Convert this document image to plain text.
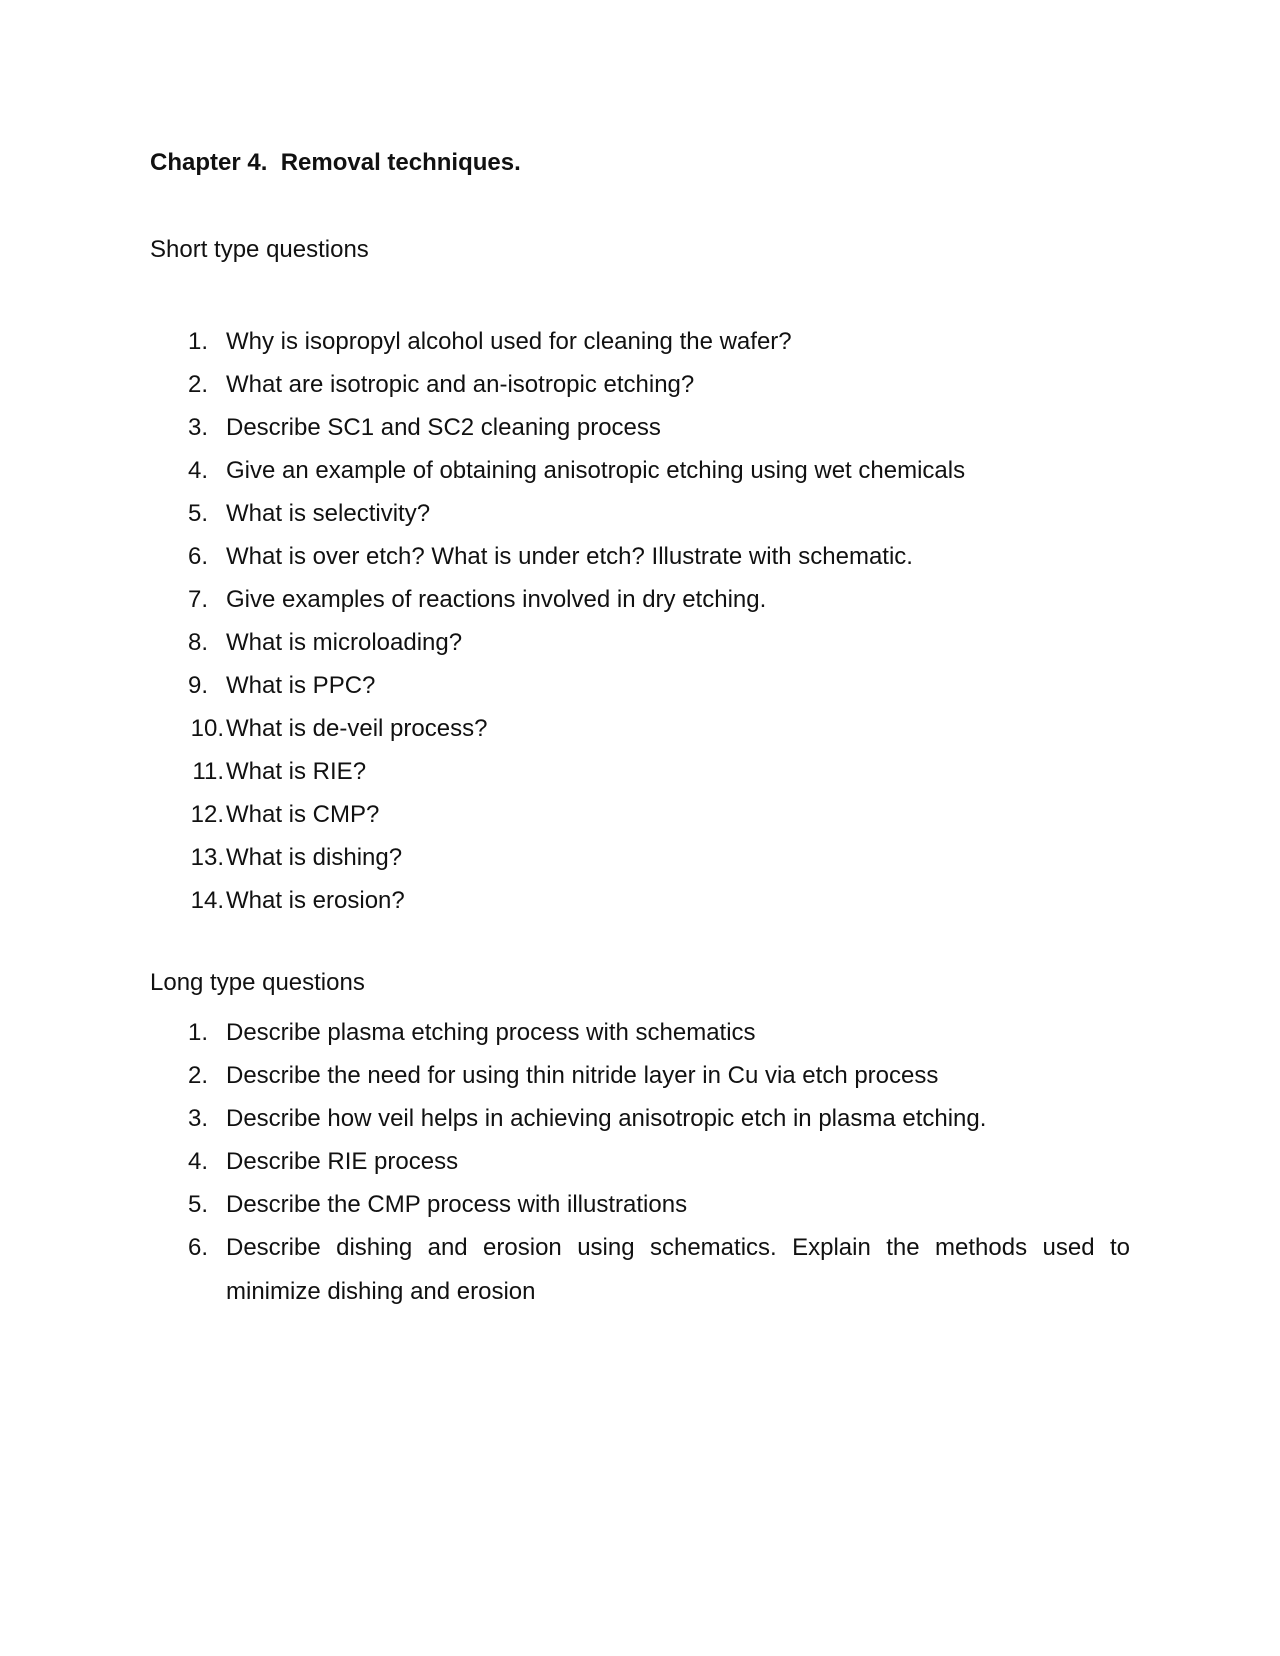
Chapter 4.  Removal techniques.
Short type questions
1. Why is isopropyl alcohol used for cleaning the wafer?
2. What are isotropic and an-isotropic etching?
3. Describe SC1 and SC2 cleaning process
4. Give an example of obtaining anisotropic etching using wet chemicals
5. What is selectivity?
6. What is over etch? What is under etch? Illustrate with schematic.
7. Give examples of reactions involved in dry etching.
8. What is microloading?
9. What is PPC?
10. What is de-veil process?
11. What is RIE?
12. What is CMP?
13. What is dishing?
14. What is erosion?
Long type questions
1. Describe plasma etching process with schematics
2. Describe the need for using thin nitride layer in Cu via etch process
3. Describe how veil helps in achieving anisotropic etch in plasma etching.
4. Describe RIE process
5. Describe the CMP process with illustrations
6. Describe dishing and erosion using schematics. Explain the methods used to minimize dishing and erosion
